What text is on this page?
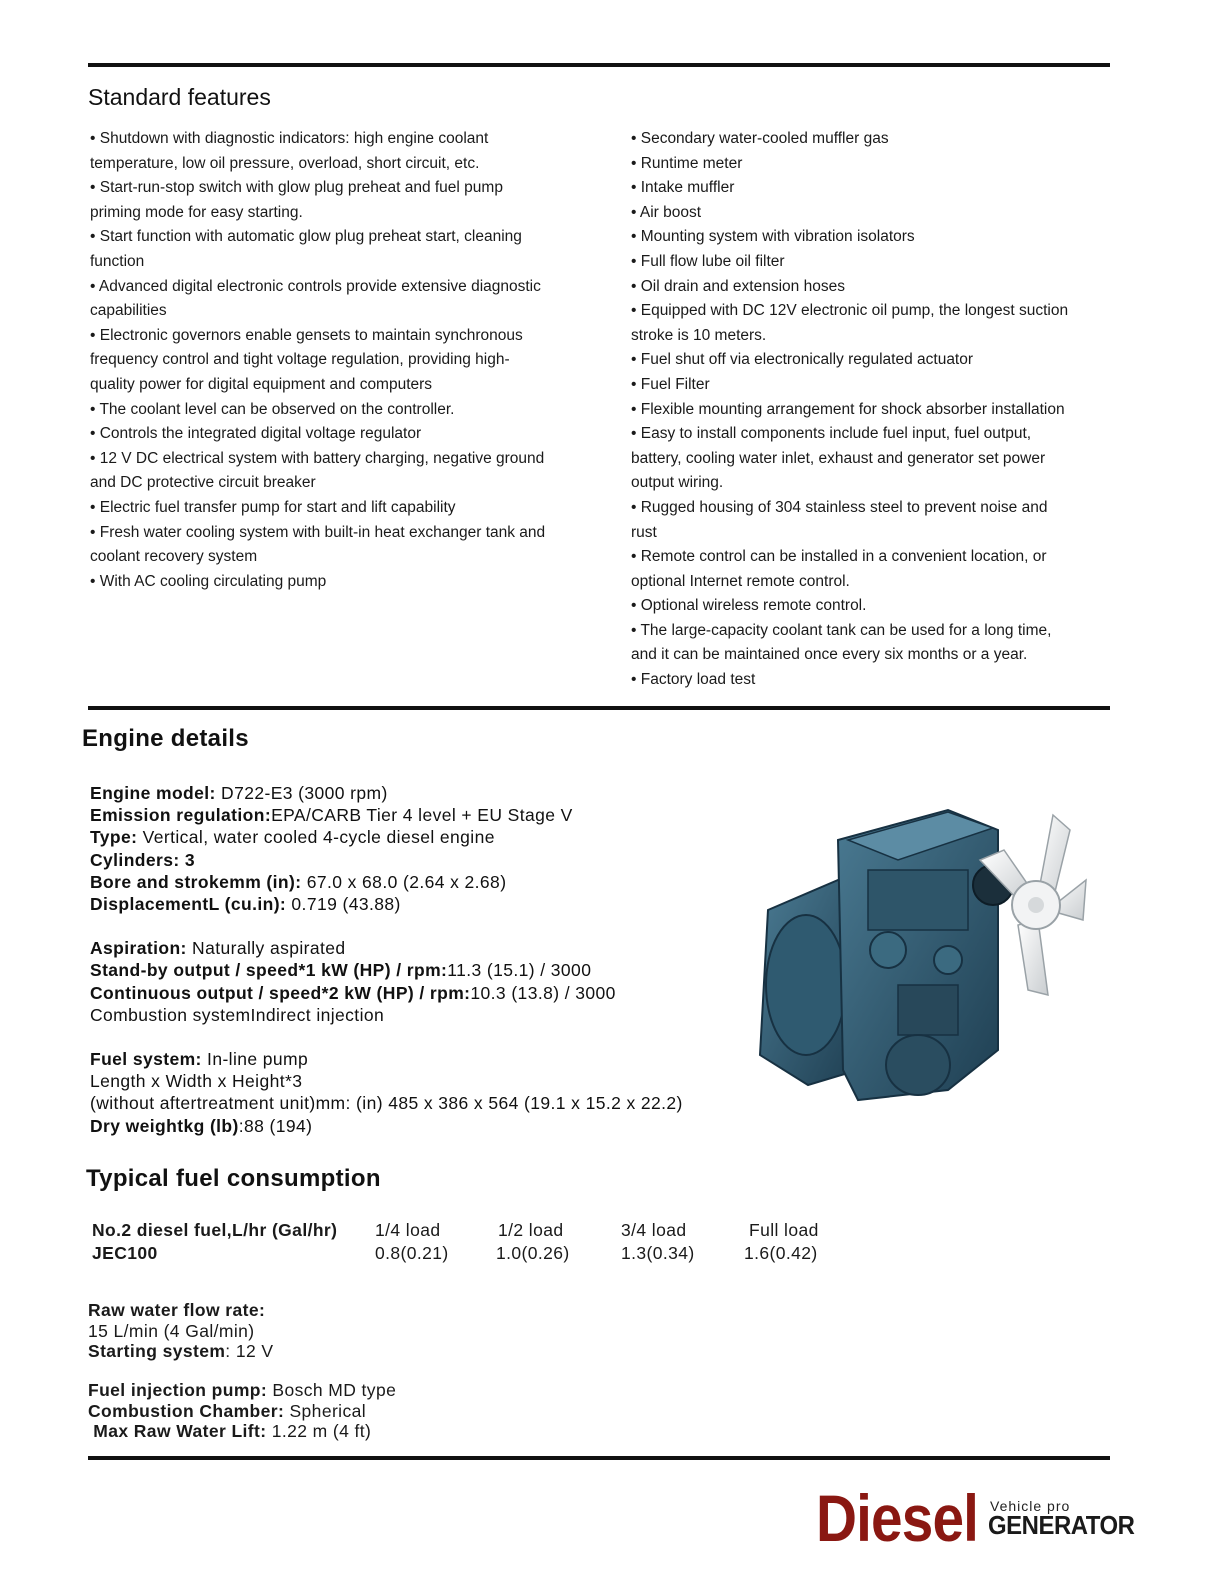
Standard features
• Shutdown with diagnostic indicators: high engine coolant
temperature, low oil pressure, overload, short circuit, etc.
• Start-run-stop switch with glow plug preheat and fuel pump
priming mode for easy starting.
• Start function with automatic glow plug preheat start, cleaning
function
• Advanced digital electronic controls provide extensive diagnostic
capabilities
• Electronic governors enable gensets to maintain synchronous
frequency control and tight voltage regulation, providing high-
quality power for digital equipment and computers
• The coolant level can be observed on the controller.
• Controls the integrated digital voltage regulator
• 12 V DC electrical system with battery charging, negative ground
and DC protective circuit breaker
• Electric fuel transfer pump for start and lift capability
• Fresh water cooling system with built-in heat exchanger tank and
coolant recovery system
• With AC cooling circulating pump
• Secondary water-cooled muffler gas
• Runtime meter
• Intake muffler
• Air boost
• Mounting system with vibration isolators
• Full flow lube oil filter
• Oil drain and extension hoses
• Equipped with DC 12V electronic oil pump, the longest suction
stroke is 10 meters.
• Fuel shut off via electronically regulated actuator
• Fuel Filter
• Flexible mounting arrangement for shock absorber installation
• Easy to install components include fuel input, fuel output,
battery, cooling water inlet, exhaust and generator set power
output wiring.
• Rugged housing of 304 stainless steel to prevent noise and
rust
• Remote control can be installed in a convenient location, or
optional Internet remote control.
• Optional wireless remote control.
• The large-capacity coolant tank can be used for a long time,
and it can be maintained once every six months or a year.
• Factory load test
Engine details
Engine model: D722-E3 (3000 rpm)
Emission regulation:EPA/CARB Tier 4 level + EU Stage V
Type: Vertical, water cooled 4-cycle diesel engine
Cylinders: 3
Bore and strokemm (in): 67.0 x 68.0 (2.64 x 2.68)
DisplacementL (cu.in): 0.719 (43.88)
Aspiration: Naturally aspirated
Stand-by output / speed*1 kW (HP) / rpm:11.3 (15.1) / 3000
Continuous output / speed*2 kW (HP) / rpm:10.3 (13.8) / 3000
Combustion systemIndirect injection
Fuel system: In-line pump
Length x Width x Height*3
(without aftertreatment unit)mm: (in) 485 x 386 x 564 (19.1 x 15.2 x 22.2)
Dry weightkg (lb):88 (194)
Typical fuel consumption
No.2 diesel fuel,L/hr (Gal/hr) 1/4 load	1/2 load	3/4 load	Full load
JEC100	0.8(0.21)	1.0(0.26)	1.3(0.34)	1.6(0.42)
Raw water flow rate:
15 L/min (4 Gal/min)
Starting system: 12 V
Fuel injection pump: Bosch MD type
Combustion Chamber: Spherical
Max Raw Water Lift: 1.22 m (4 ft)
Diesel Vehicle pro
GENERATOR
